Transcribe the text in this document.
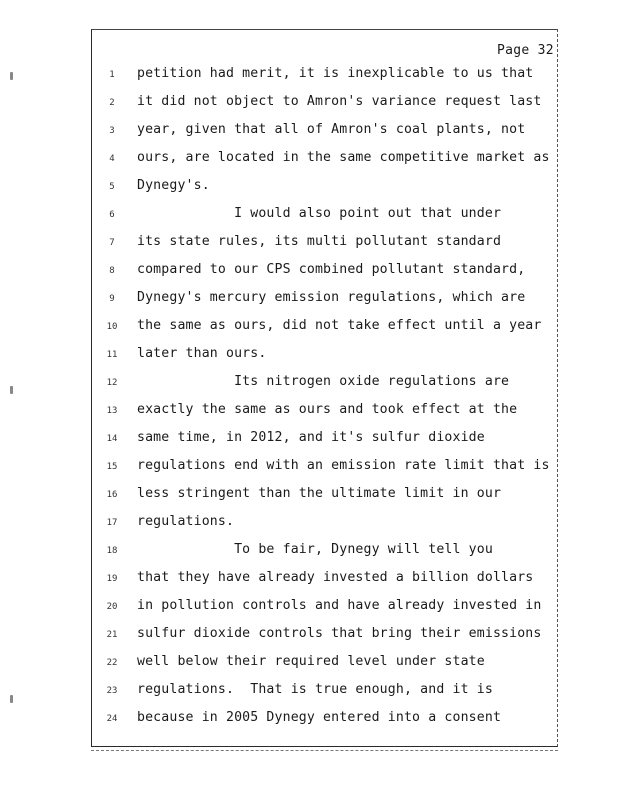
Page 32
1	petition had merit, it is inexplicable to us that
2	it did not object to Amron's variance request last
3	year, given that all of Amron's coal plants, not
4	ours, are located in the same competitive market as
5	Dynegy's.
6	I would also point out that under
7	its state rules, its multi pollutant standard
8	compared to our CPS combined pollutant standard,
9	Dynegy's mercury emission regulations, which are
10	the same as ours, did not take effect until a year
11	later than ours.
12	Its nitrogen oxide regulations are
13	exactly the same as ours and took effect at the
14	same time, in 2012, and it's sulfur dioxide
15	regulations end with an emission rate limit that is
16	less stringent than the ultimate limit in our
17	regulations.
18	To be fair, Dynegy will tell you
19	that they have already invested a billion dollars
20	in pollution controls and have already invested in
21	sulfur dioxide controls that bring their emissions
22	well below their required level under state
23	regulations.  That is true enough, and it is
24	because in 2005 Dynegy entered into a consent
